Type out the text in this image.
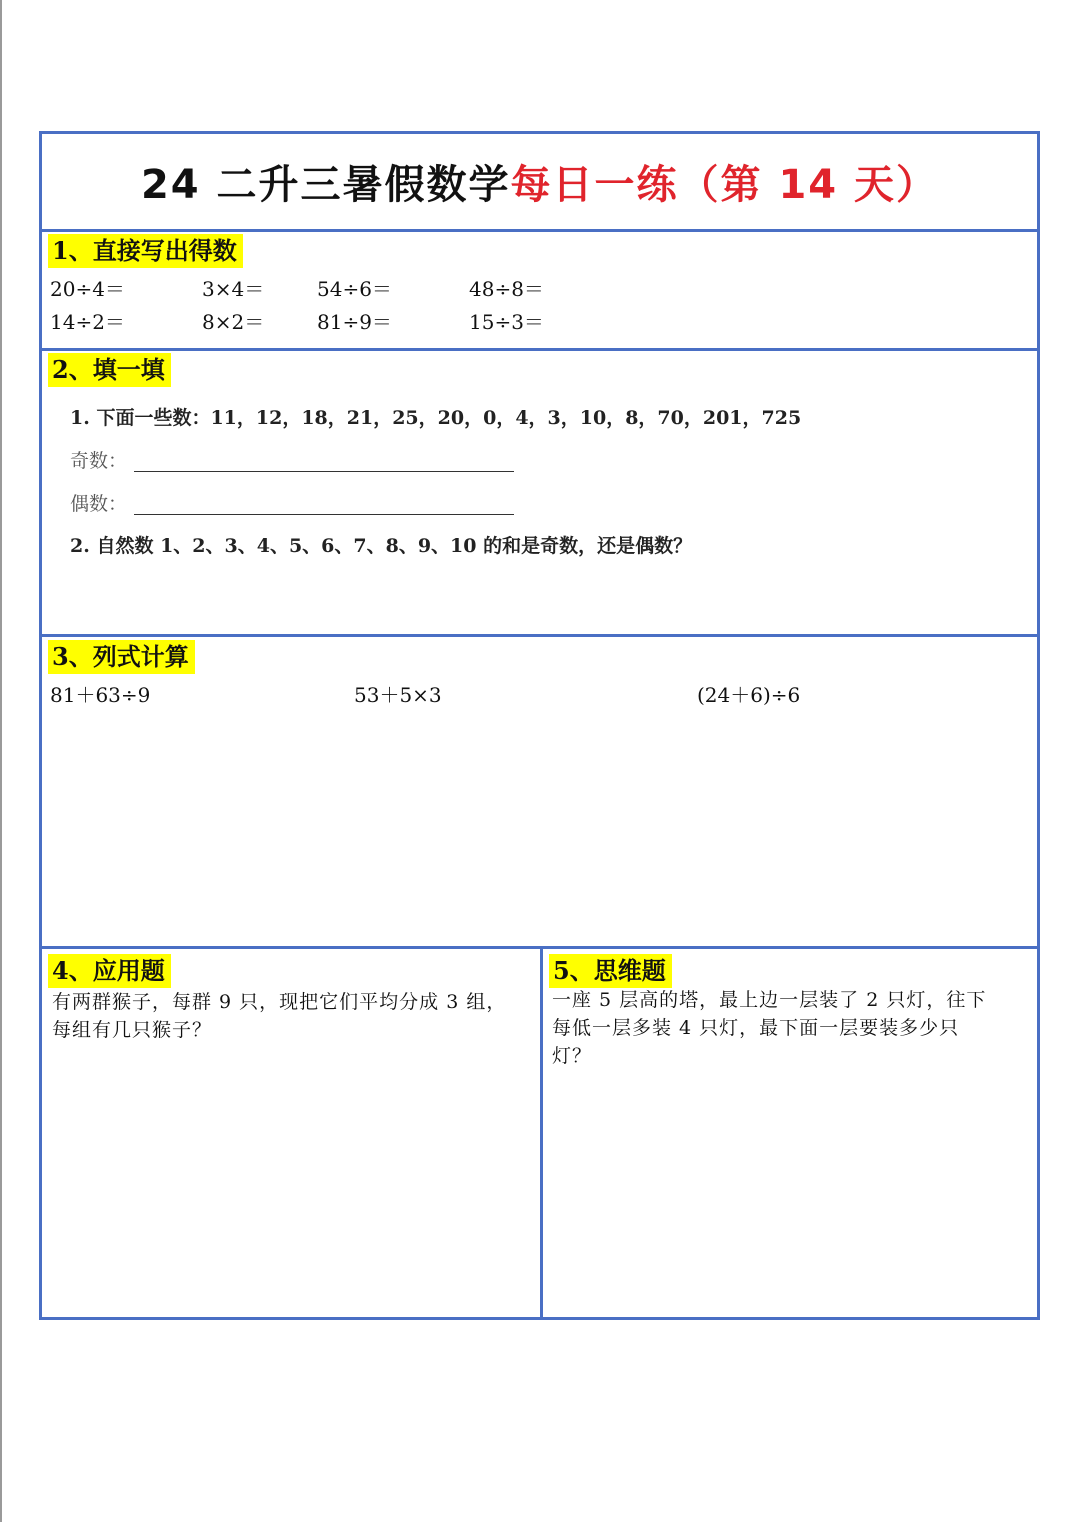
24 二升三暑假数学 每日一练（第 14 天）
1、直接写出得数
20÷4＝	3×4＝	54÷6＝	48÷8＝
14÷2＝	8×2＝	81÷9＝	15÷3＝
2、填一填
1. 下面一些数：11，12，18，21，25，20，0，4，3，10，8，70，201，725
奇数：
偶数：
2. 自然数 1、2、3、4、5、6、7、8、9、10 的和是奇数，还是偶数？
3、列式计算
81＋63÷9	53＋5×3	(24＋6)÷6
4、应用题
有两群猴子，每群 9 只，现把它们平均分成 3 组，
每组有几只猴子？
5、思维题
一座 5 层高的塔，最上边一层装了 2 只灯，往下
每低一层多装 4 只灯，最下面一层要装多少只
灯？
